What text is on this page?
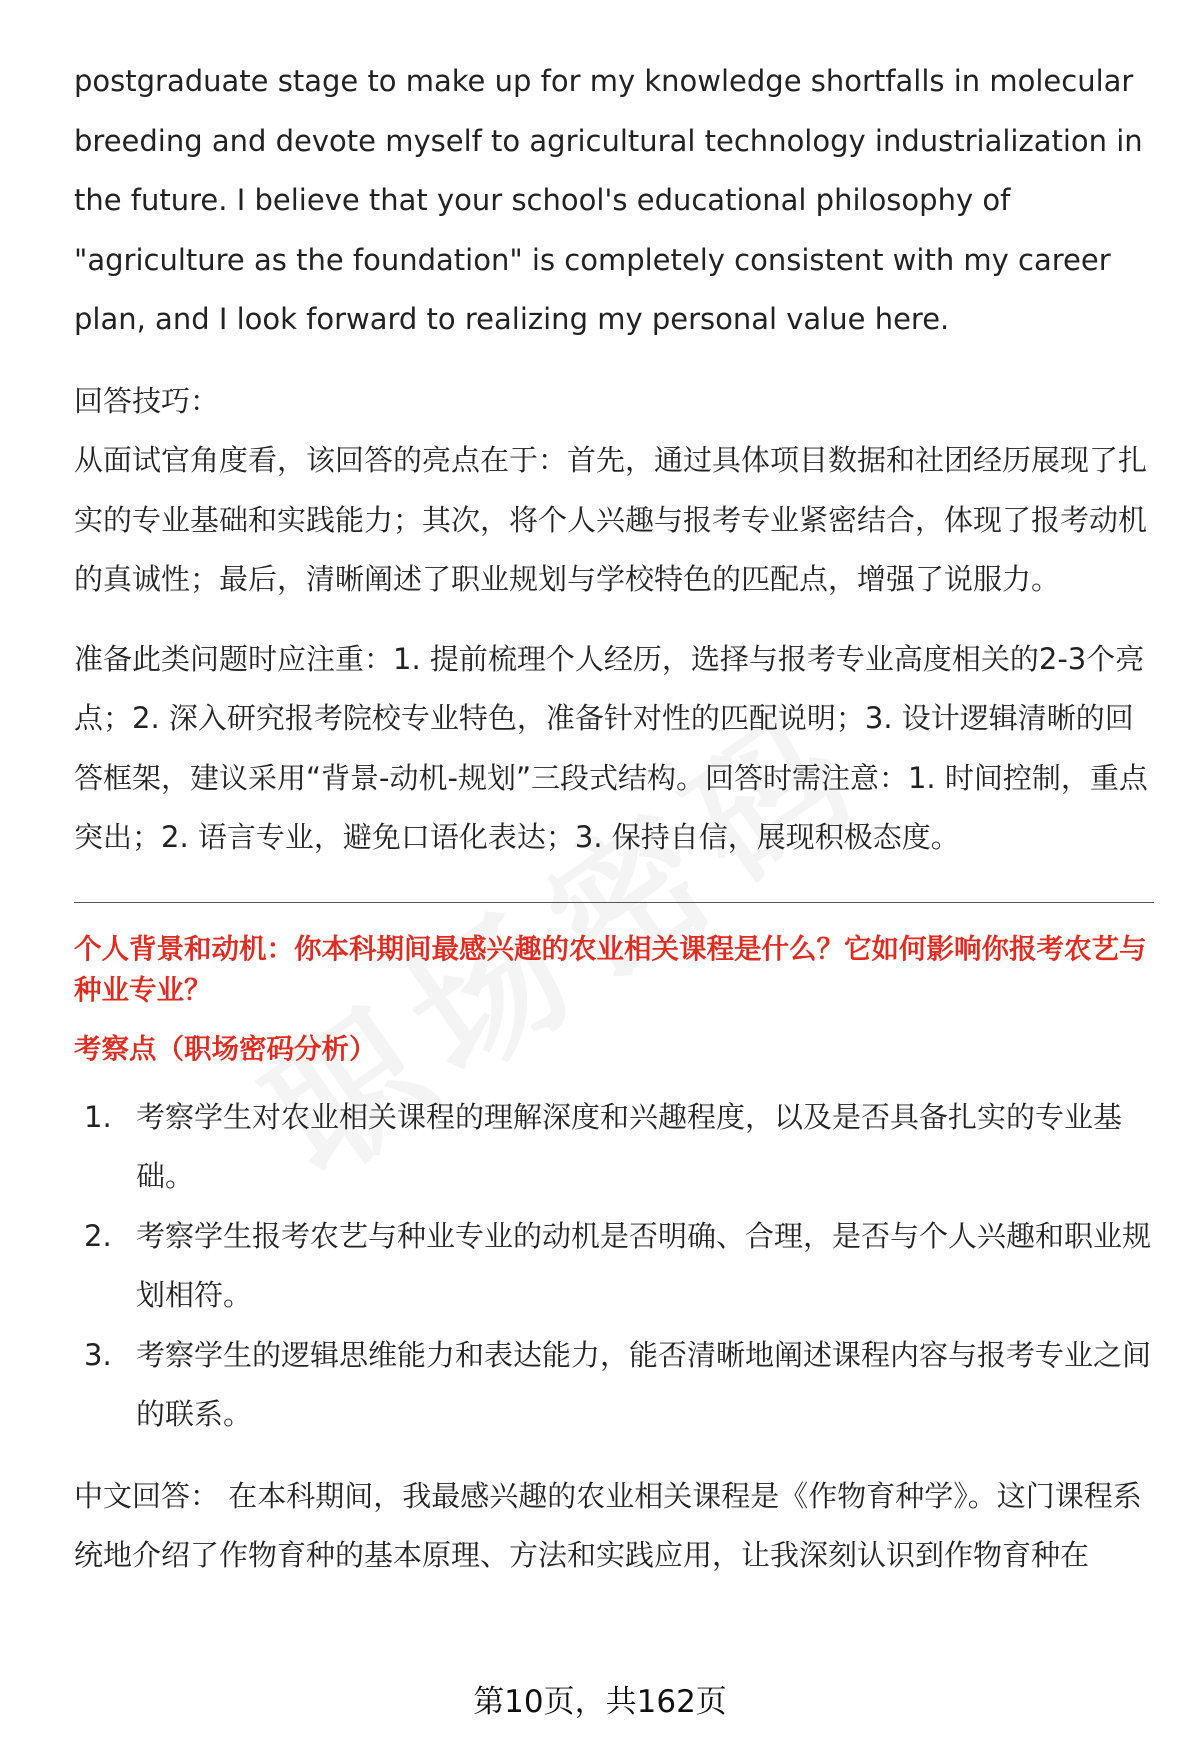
postgraduate stage to make up for my knowledge shortfalls in molecular breeding and devote myself to agricultural technology industrialization in the future. I believe that your school's educational philosophy of "agriculture as the foundation" is completely consistent with my career plan, and I look forward to realizing my personal value here.

回答技巧：

从面试官角度看，该回答的亮点在于：首先，通过具体项目数据和社团经历展现了扎实的专业基础和实践能力；其次，将个人兴趣与报考专业紧密结合，体现了报考动机的真诚性；最后，清晰阐述了职业规划与学校特色的匹配点，增强了说服力。

准备此类问题时应注重：1. 提前梳理个人经历，选择与报考专业高度相关的2-3个亮点；2. 深入研究报考院校专业特色，准备针对性的匹配说明；3. 设计逻辑清晰的回答框架，建议采用“背景-动机-规划”三段式结构。回答时需注意：1. 时间控制，重点突出；2. 语言专业，避免口语化表达；3. 保持自信，展现积极态度。

个人背景和动机：你本科期间最感兴趣的农业相关课程是什么？它如何影响你报考农艺与种业专业？

考察点（职场密码分析）

1. 考察学生对农业相关课程的理解深度和兴趣程度，以及是否具备扎实的专业基础。
2. 考察学生报考农艺与种业专业的动机是否明确、合理，是否与个人兴趣和职业规划相符。
3. 考察学生的逻辑思维能力和表达能力，能否清晰地阐述课程内容与报考专业之间的联系。

中文回答： 在本科期间，我最感兴趣的农业相关课程是《作物育种学》。这门课程系统地介绍了作物育种的基本原理、方法和实践应用，让我深刻认识到作物育种在

第10页，共162页
